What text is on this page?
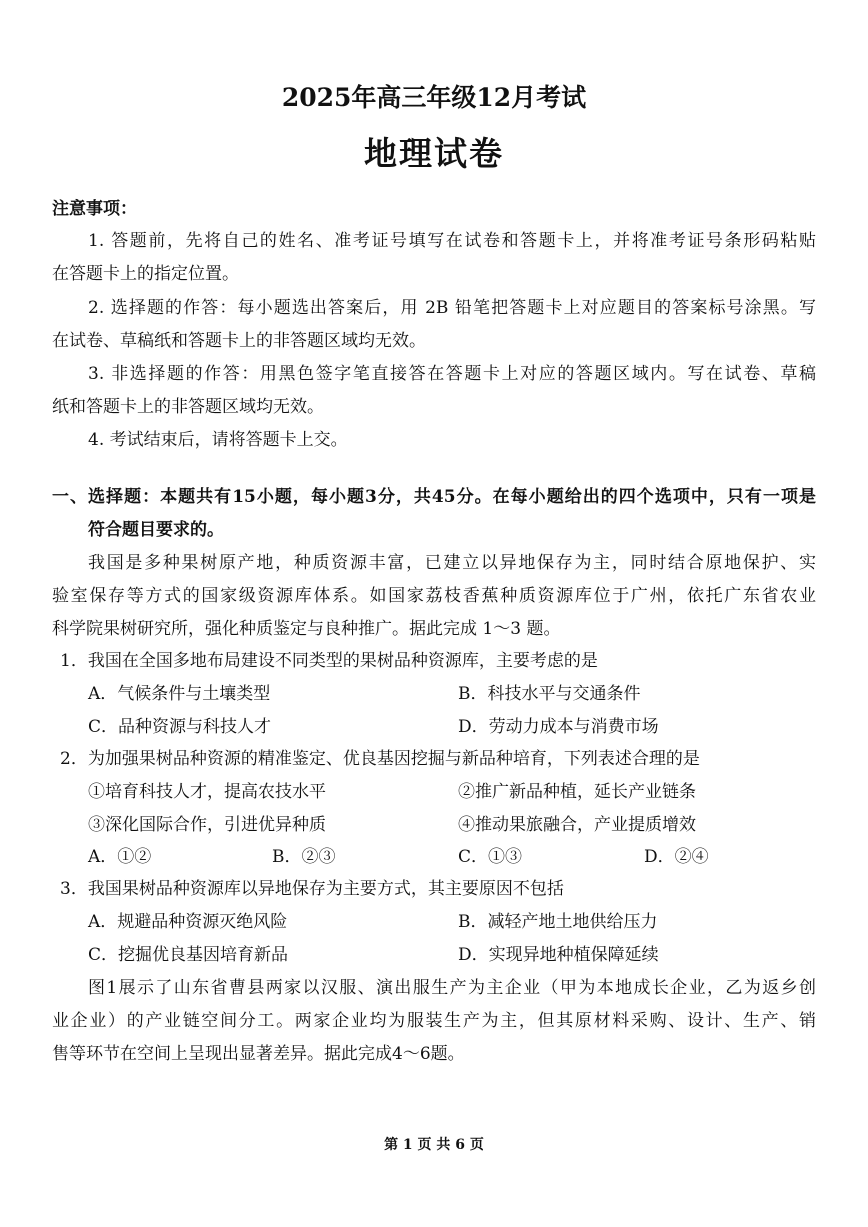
2025年高三年级12月考试
地理试卷
注意事项：
1. 答题前，先将自己的姓名、准考证号填写在试卷和答题卡上，并将准考证号条形码粘贴
在答题卡上的指定位置。
2. 选择题的作答：每小题选出答案后，用 2B 铅笔把答题卡上对应题目的答案标号涂黑。写
在试卷、草稿纸和答题卡上的非答题区域均无效。
3. 非选择题的作答：用黑色签字笔直接答在答题卡上对应的答题区域内。写在试卷、草稿
纸和答题卡上的非答题区域均无效。
4. 考试结束后，请将答题卡上交。
一、选择题：本题共有15小题，每小题3分，共45分。在每小题给出的四个选项中，只有一项是
符合题目要求的。
我国是多种果树原产地，种质资源丰富，已建立以异地保存为主，同时结合原地保护、实
验室保存等方式的国家级资源库体系。如国家荔枝香蕉种质资源库位于广州，依托广东省农业
科学院果树研究所，强化种质鉴定与良种推广。据此完成 1～3 题。
1．我国在全国多地布局建设不同类型的果树品种资源库，主要考虑的是
A．气候条件与土壤类型	B．科技水平与交通条件
C．品种资源与科技人才	D．劳动力成本与消费市场
2．为加强果树品种资源的精准鉴定、优良基因挖掘与新品种培育，下列表述合理的是
①培育科技人才，提高农技水平	②推广新品种植，延长产业链条
③深化国际合作，引进优异种质	④推动果旅融合，产业提质增效
A．①②	B．②③	C．①③	D．②④
3．我国果树品种资源库以异地保存为主要方式，其主要原因不包括
A．规避品种资源灭绝风险	B．减轻产地土地供给压力
C．挖掘优良基因培育新品	D．实现异地种植保障延续
图1展示了山东省曹县两家以汉服、演出服生产为主企业（甲为本地成长企业，乙为返乡创
业企业）的产业链空间分工。两家企业均为服装生产为主，但其原材料采购、设计、生产、销
售等环节在空间上呈现出显著差异。据此完成4～6题。
第 1 页 共 6 页
